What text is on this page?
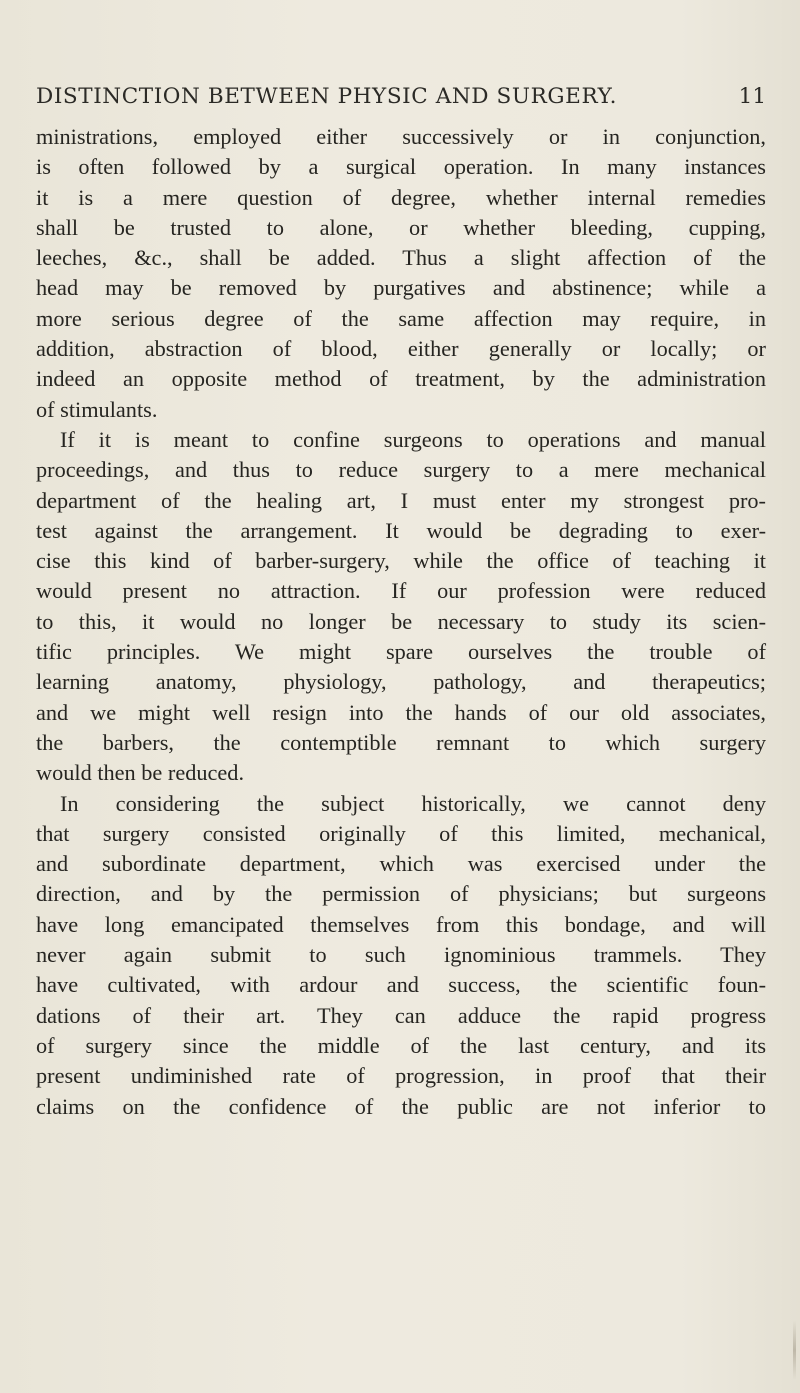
DISTINCTION BETWEEN PHYSIC AND SURGERY.	11
ministrations, employed either successively or in conjunction,
is often followed by a surgical operation. In many instances
it is a mere question of degree, whether internal remedies
shall be trusted to alone, or whether bleeding, cupping,
leeches, &c., shall be added. Thus a slight affection of the
head may be removed by purgatives and abstinence; while a
more serious degree of the same affection may require, in
addition, abstraction of blood, either generally or locally; or
indeed an opposite method of treatment, by the administration
of stimulants.
If it is meant to confine surgeons to operations and manual
proceedings, and thus to reduce surgery to a mere mechanical
department of the healing art, I must enter my strongest pro-
test against the arrangement. It would be degrading to exer-
cise this kind of barber-surgery, while the office of teaching it
would present no attraction. If our profession were reduced
to this, it would no longer be necessary to study its scien-
tific principles. We might spare ourselves the trouble of
learning anatomy, physiology, pathology, and therapeutics;
and we might well resign into the hands of our old associates,
the barbers, the contemptible remnant to which surgery
would then be reduced.
In considering the subject historically, we cannot deny
that surgery consisted originally of this limited, mechanical,
and subordinate department, which was exercised under the
direction, and by the permission of physicians; but surgeons
have long emancipated themselves from this bondage, and will
never again submit to such ignominious trammels. They
have cultivated, with ardour and success, the scientific foun-
dations of their art. They can adduce the rapid progress
of surgery since the middle of the last century, and its
present undiminished rate of progression, in proof that their
claims on the confidence of the public are not inferior to
